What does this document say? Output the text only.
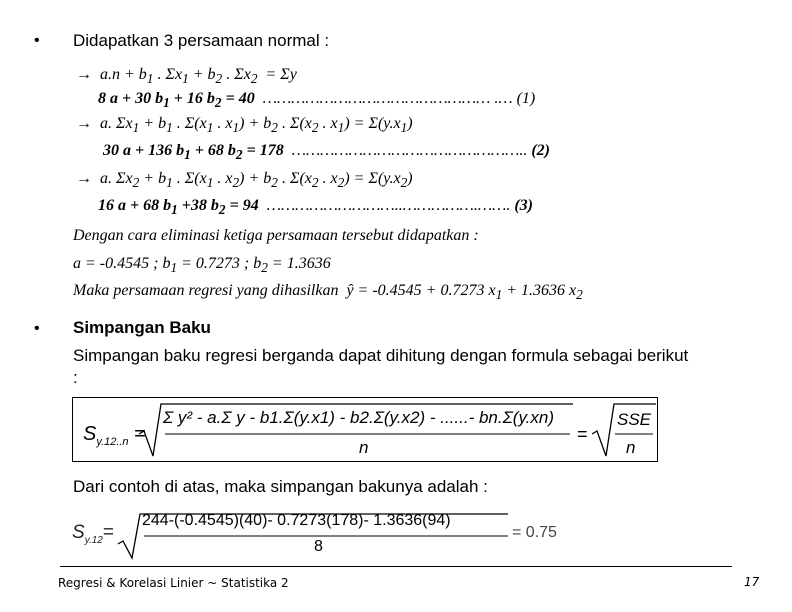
• Didapatkan 3 persamaan normal :
→  $a.n + b_1$ . $\Sigma x_1 + b_2$ . $\Sigma x_2 = \Sigma y$
8 a + 30 $b_1 + 16$ $b_2 = 40$  ………………………………………… .… (1)
→  a. $\Sigma x_1 + b_1$ . $\Sigma(x_1$ . $x_1) + b_2$ . $\Sigma(x_2$ . $x_1) = \Sigma(y.x_1)$
30 a + 136 $b_1 + 68$ $b_2 = 178$  ………………………………………….. (2)
→  a. $\Sigma x_2 + b_1$ . $\Sigma(x_1$ . $x_2) + b_2$ . $\Sigma(x_2$ . $x_2) = \Sigma(y.x_2)$
16 a + 68 $b_1 +38$ $b_2 = 94$  ………………………..…………….……. (3)
Dengan cara eliminasi ketiga persamaan tersebut didapatkan :
a = -0.4545 ; $b_1 = 0.7273$ ; $b_2 = 1.3636$
Maka persamaan regresi yang dihasilkan  ŷ = -0.4545 + 0.7273 $x_1 + 1.3636$ $x_2$
• Simpangan Baku
Simpangan baku regresi berganda dapat dihitung dengan formula sebagai berikut
:
$S_{y.12..n}$ =
Σ y² - a.Σ y - b1.Σ(y.x1) - b2.Σ(y.x2) - ......- bn.Σ(y.xn)
n
=
SSE
n
Dari contoh di atas, maka simpangan bakunya adalah :
$S_{y.12}=$
244-(-0.4545)(40)- 0.7273(178)- 1.3636(94)
8
= 0.75
Regresi & Korelasi Linier ~ Statistika 2	17
